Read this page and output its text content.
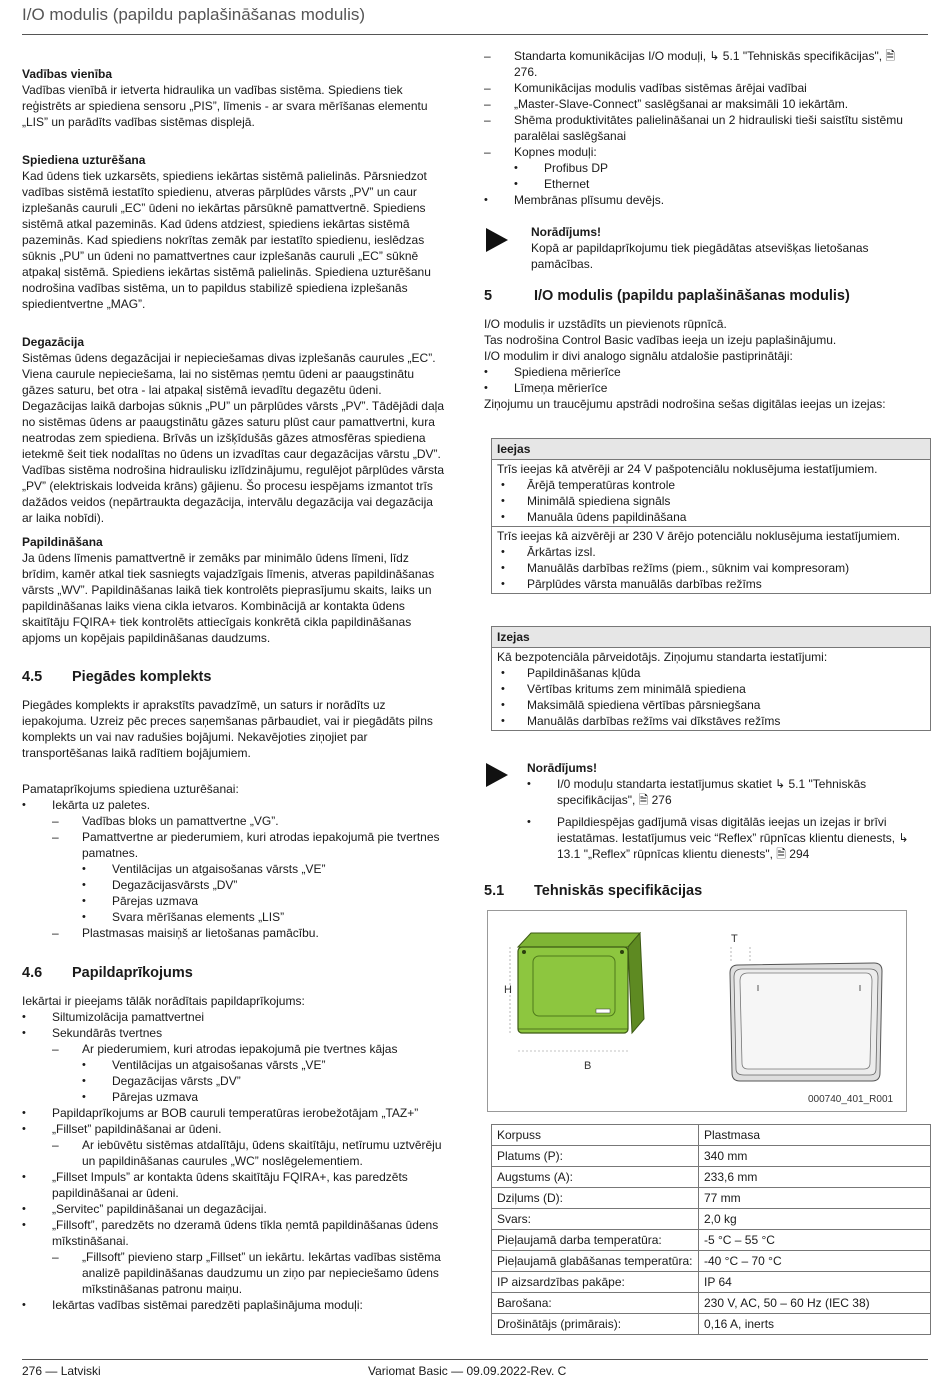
I/O modulis (papildu paplašināšanas modulis)
Vadības vienība

Vadības vienībā ir ietverta hidraulika un vadības sistēma. Spiediens tiek reģistrēts ar spiediena sensoru „PIS”, līmenis - ar svara mērīšanas elementu „LIS” un parādīts vadības sistēmas displejā.

Spiediena uzturēšana

Kad ūdens tiek uzkarsēts, spiediens iekārtas sistēmā palielinās. Pārsniedzot vadības sistēmā iestatīto spiedienu, atveras pārplūdes vārsts „PV” un caur izplešanās cauruli „EC” ūdeni no iekārtas pārsūknē pamattvertnē. Spiediens sistēmā atkal pazeminās. Kad ūdens atdziest, spiediens iekārtas sistēmā pazeminās. Kad spiediens nokrītas zemāk par iestatīto spiedienu, ieslēdzas sūknis „PU” un ūdeni no pamattvertnes caur izplešanās cauruli „EC” sūknē atpakaļ sistēmā. Spiediens iekārtas sistēmā palielinās. Spiediena uzturēšanu nodrošina vadības sistēma, un to papildus stabilizē spiediena izplešanās spiedientvertne „MAG”.

Degazācija

Sistēmas ūdens degazācijai ir nepieciešamas divas izplešanās caurules „EC”. Viena caurule nepieciešama, lai no sistēmas ņemtu ūdeni ar paaugstinātu gāzes saturu, bet otra - lai atpakaļ sistēmā ievadītu degazētu ūdeni. Degazācijas laikā darbojas sūknis „PU” un pārplūdes vārsts „PV”. Tādējādi daļa no sistēmas ūdens ar paaugstinātu gāzes saturu plūst caur pamattvertni, kura neatrodas zem spiediena. Brīvās un izšķīdušās gāzes atmosfēras spiediena ietekmē šeit tiek nodalītas no ūdens un izvadītas caur degazācijas vārstu „DV”. Vadības sistēma nodrošina hidraulisku izlīdzinājumu, regulējot pārplūdes vārsta „PV” (elektriskais lodveida krāns) gājienu. Šo procesu iespējams izmantot trīs dažādos veidos (nepārtraukta degazācija, intervālu degazācija vai degazācija ar laika nobīdi).

Papildināšana

Ja ūdens līmenis pamattvertnē ir zemāks par minimālo ūdens līmeni, līdz brīdim, kamēr atkal tiek sasniegts vajadzīgais līmenis, atveras papildināšanas vārsts „WV”. Papildināšanas laikā tiek kontrolēts pieprasījumu skaits, laiks un papildināšanas laiks viena cikla ietvaros. Kombinācijā ar kontakta ūdens skaitītāju FQIRA+ tiek kontrolēts attiecīgais konkrētā cikla papildināšanas apjoms un kopējais papildināšanas daudzums.

4.5 Piegādes komplekts

Piegādes komplekts ir aprakstīts pavadzīmē, un saturs ir norādīts uz iepakojuma. Uzreiz pēc preces saņemšanas pārbaudiet, vai ir piegādāts pilns komplekts un vai nav radušies bojājumi. Nekavējoties ziņojiet par transportēšanas laikā radītiem bojājumiem.

Pamataprīkojums spiediena uzturēšanai:

• Iekārta uz paletes.
– Vadības bloks un pamattvertne „VG”.
– Pamattvertne ar piederumiem, kuri atrodas iepakojumā pie tvertnes pamatnes.
• Ventilācijas un atgaisošanas vārsts „VE”
• Degazācijasvārsts „DV”
• Pārejas uzmava
• Svara mērīšanas elements „LIS”
– Plastmasas maisiņš ar lietošanas pamācību.
4.6 Papildaprīkojums

Iekārtai ir pieejams tālāk norādītais papildaprīkojums:

• Siltumizolācija pamattvertnei
• Sekundārās tvertnes
– Ar piederumiem, kuri atrodas iepakojumā pie tvertnes kājas
• Ventilācijas un atgaisošanas vārsts „VE”
• Degazācijas vārsts „DV”
• Pārejas uzmava
• Papildaprīkojums ar BOB cauruli temperatūras ierobežotājam „TAZ+”
• „Fillset” papildināšanai ar ūdeni.
– Ar iebūvētu sistēmas atdalītāju, ūdens skaitītāju, netīrumu uztvērēju un papildināšanas caurules „WC” noslēgelementiem.
• „Fillset Impuls” ar kontakta ūdens skaitītāju FQIRA+, kas paredzēts papildināšanai ar ūdeni.
• „Servitec” papildināšanai un degazācijai.
• „Fillsoft”, paredzēts no dzeramā ūdens tīkla ņemtā papildināšanas ūdens mīkstināšanai.
– „Fillsoft” pievieno starp „Fillset” un iekārtu. Iekārtas vadības sistēma analizē papildināšanas daudzumu un ziņo par nepieciešamo ūdens mīkstināšanas patronu maiņu.
• Iekārtas vadības sistēmai paredzēti paplašinājuma moduļi:
– Standarta komunikācijas I/O moduļi, ↳ 5.1 "Tehniskās specifikācijas", 🗎 276.
– Komunikācijas modulis vadības sistēmas ārējai vadībai
– „Master-Slave-Connect” saslēgšanai ar maksimāli 10 iekārtām.
– Shēma produktivitātes palielināšanai un 2 hidrauliski tieši saistītu sistēmu paralēlai saslēgšanai
– Kopnes moduļi:
• Profibus DP
• Ethernet
• Membrānas plīsumu devējs.
Norādījums!

Kopā ar papildaprīkojumu tiek piegādātas atsevišķas lietošanas pamācības.

5	I/O modulis (papildu paplašināšanas modulis)

I/O modulis ir uzstādīts un pievienots rūpnīcā.

Tas nodrošina Control Basic vadības ieeja un izeju paplašinājumu.

I/O modulim ir divi analogo signālu atdalošie pastiprinātāji:

• Spiediena mērierīce
• Līmeņa mērierīce

Ziņojumu un traucējumu apstrādi nodrošina sešas digitālas ieejas un izejas:

Ieejas

Trīs ieejas kā atvērēji ar 24 V pašpotenciālu noklusējuma iestatījumiem.

• Ārējā temperatūras kontrole
• Minimālā spiediena signāls
• Manuāla ūdens papildināšana

Trīs ieejas kā aizvērēji ar 230 V ārējo potenciālu noklusējuma iestatījumiem.

• Ārkārtas izsl.
• Manuālās darbības režīms (piem., sūknim vai kompresoram)
• Pārplūdes vārsta manuālās darbības režīms
Izejas

Kā bezpotenciāla pārveidotājs. Ziņojumu standarta iestatījumi:

• Papildināšanas kļūda
• Vērtības kritums zem minimālā spiediena
• Maksimālā spiediena vērtības pārsniegšana
• Manuālās darbības režīms vai dīkstāves režīms
Norādījums!
• I/0 moduļu standarta iestatījumus skatiet ↳ 5.1 "Tehniskās specifikācijas", 🗎 276
• Papildiespējas gadījumā visas digitālās ieejas un izejas ir brīvi iestatāmas. Iestatījumus veic “Reflex” rūpnīcas klientu dienests, ↳ 13.1 "„Reflex” rūpnīcas klientu dienests", 🗎 294
5.1 Tehniskās specifikācijas
H
B
T
000740_401_R001
Korpuss	Plastmasa
Platums (P):	340 mm
Augstums (A):	233,6 mm
Dziļums (D):	77 mm
Svars:	2,0 kg
Pieļaujamā darba temperatūra:	-5 °C – 55 °C
Pieļaujamā glabāšanas temperatūra:	-40 °C – 70 °C
IP aizsardzības pakāpe:	IP 64
Barošana:	230 V, AC, 50 – 60 Hz (IEC 38)
Drošinātājs (primārais):	0,16 A, inerts
276 — Latviski	Variomat Basic — 09.09.2022-Rev. C
